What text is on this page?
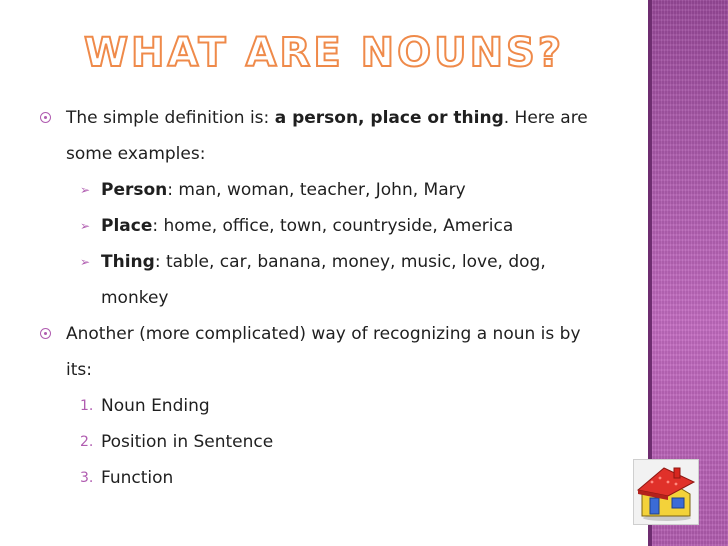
WHAT ARE NOUNS?

The simple definition is: a person, place or thing. Here are some examples:

➢ Person: man, woman, teacher, John, Mary

➢ Place: home, office, town, countryside, America

➢ Thing: table, car, banana, money, music, love, dog, monkey

Another (more complicated) way of recognizing a noun is by its:

1. Noun Ending

2. Position in Sentence

3. Function
